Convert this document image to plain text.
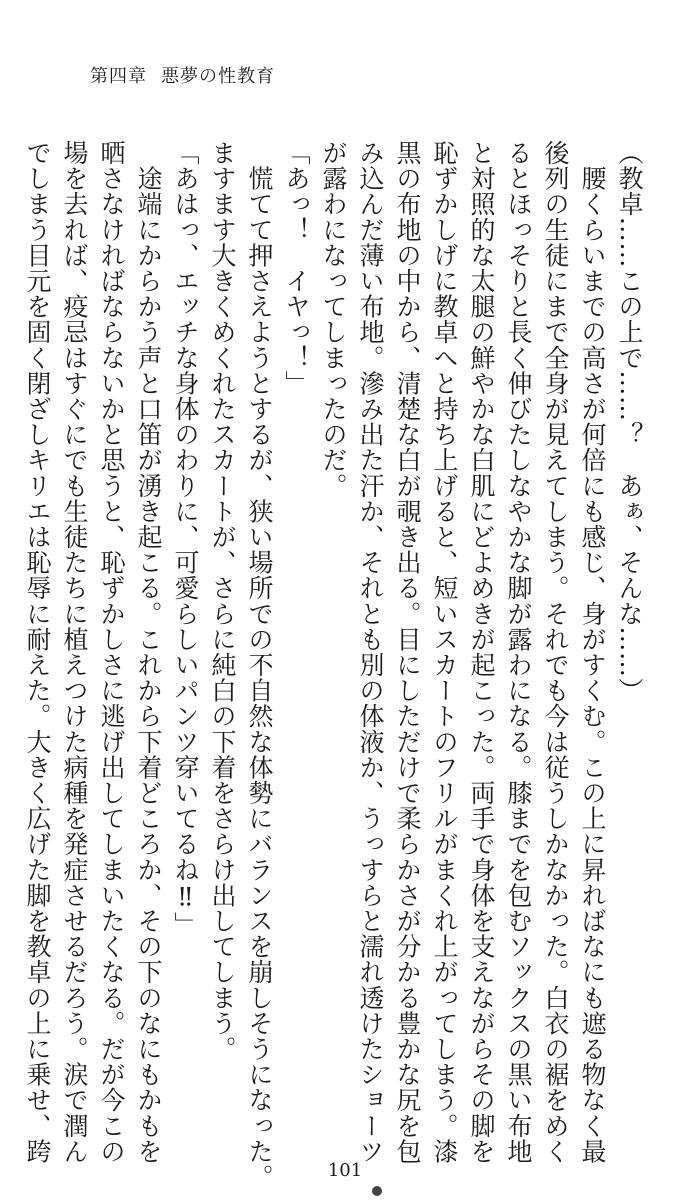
第四章 悪夢の性教育
（教卓……この上で……？　あぁ、そんな……）
　腰くらいまでの高さが何倍にも感じ、身がすくむ。この上に昇ればなにも遮る物なく最
後列の生徒にまで全身が見えてしまう。それでも今は従うしかなかった。白衣の裾をめく
るとほっそりと長く伸びたしなやかな脚が露わになる。膝までを包むソックスの黒い布地
と対照的な太腿の鮮やかな白肌にどよめきが起こった。両手で身体を支えながらその脚を
恥ずかしげに教卓へと持ち上げると、短いスカートのフリルがまくれ上がってしまう。漆
黒の布地の中から、清楚な白が覗き出る。目にしただけで柔らかさが分かる豊かな尻を包
み込んだ薄い布地。滲み出た汗か、それとも別の体液か、うっすらと濡れ透けたショーツ
が露わになってしまったのだ。
「あっ！　イヤっ！」
　慌てて押さえようとするが、狭い場所での不自然な体勢にバランスを崩しそうになった。
ますます大きくめくれたスカートが、さらに純白の下着をさらけ出してしまう。
「あはっ、エッチな身体のわりに、可愛らしいパンツ穿いてるね‼」
　途端にからかう声と口笛が湧き起こる。これから下着どころか、その下のなにもかもを
晒さなければならないかと思うと、恥ずかしさに逃げ出してしまいたくなる。だが今この
場を去れば、疫忌はすぐにでも生徒たちに植えつけた病種を発症させるだろう。涙で潤ん
でしまう目元を固く閉ざしキリエは恥辱に耐えた。大きく広げた脚を教卓の上に乗せ、跨
101
